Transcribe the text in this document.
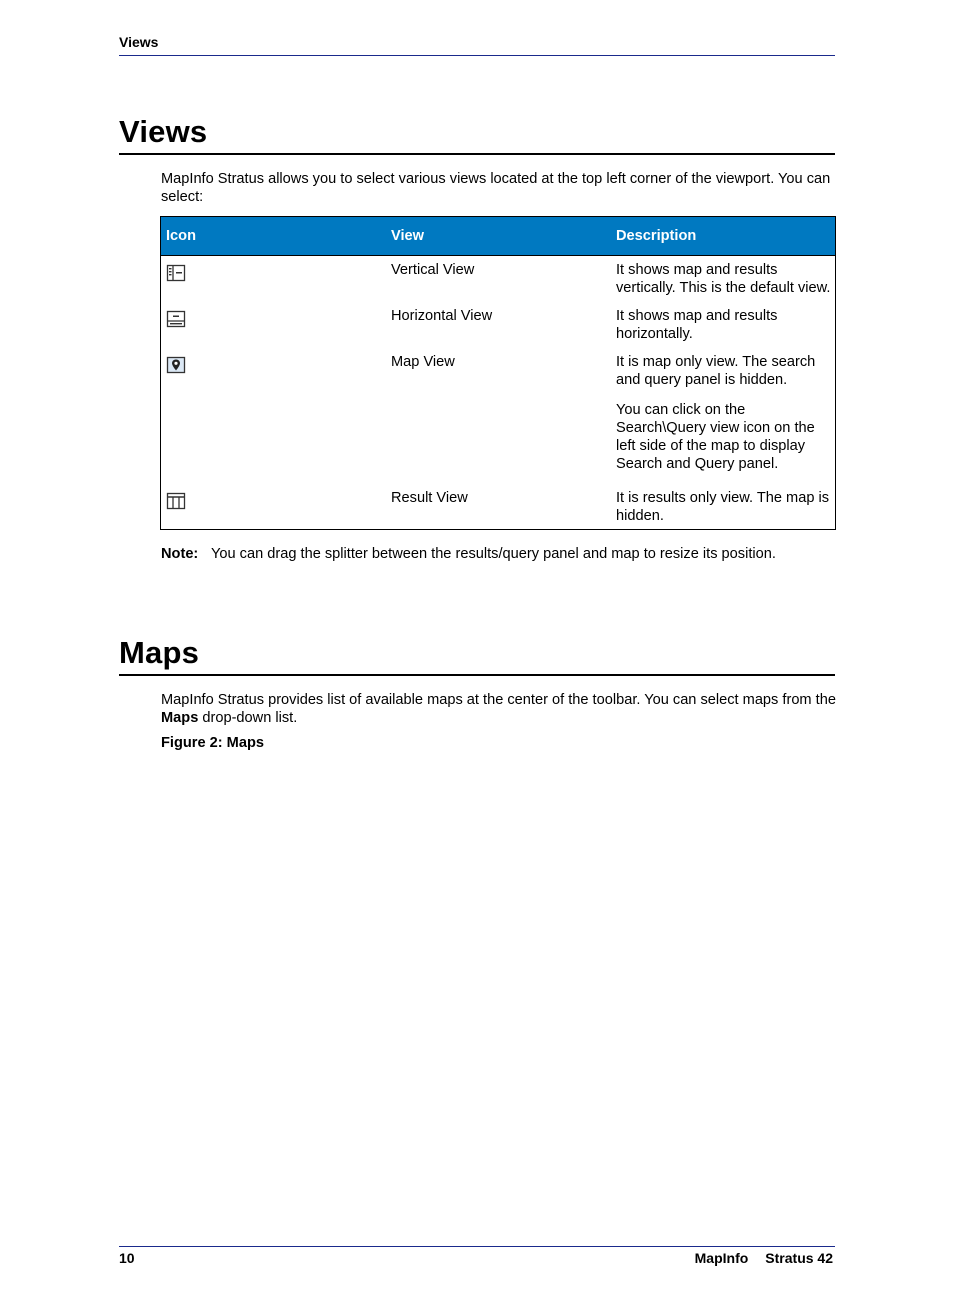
Views
Views
MapInfo Stratus allows you to select various views located at the top left corner of the viewport. You can select:
Icon	View	Description

	Vertical View	It shows map and results vertically. This is the default view.

	Horizontal View	It shows map and results horizontally.

	Map View	It is map only view. The search and query panel is hidden.
You can click on the Search\Query view icon on the left side of the map to display Search and Query panel.

	Result View	It is results only view. The map is hidden.
Note: You can drag the splitter between the results/query panel and map to resize its position.
Maps
MapInfo Stratus provides list of available maps at the center of the toolbar. You can select maps from the Maps drop-down list.
Figure 2: Maps
10	MapInfo Stratus 42
